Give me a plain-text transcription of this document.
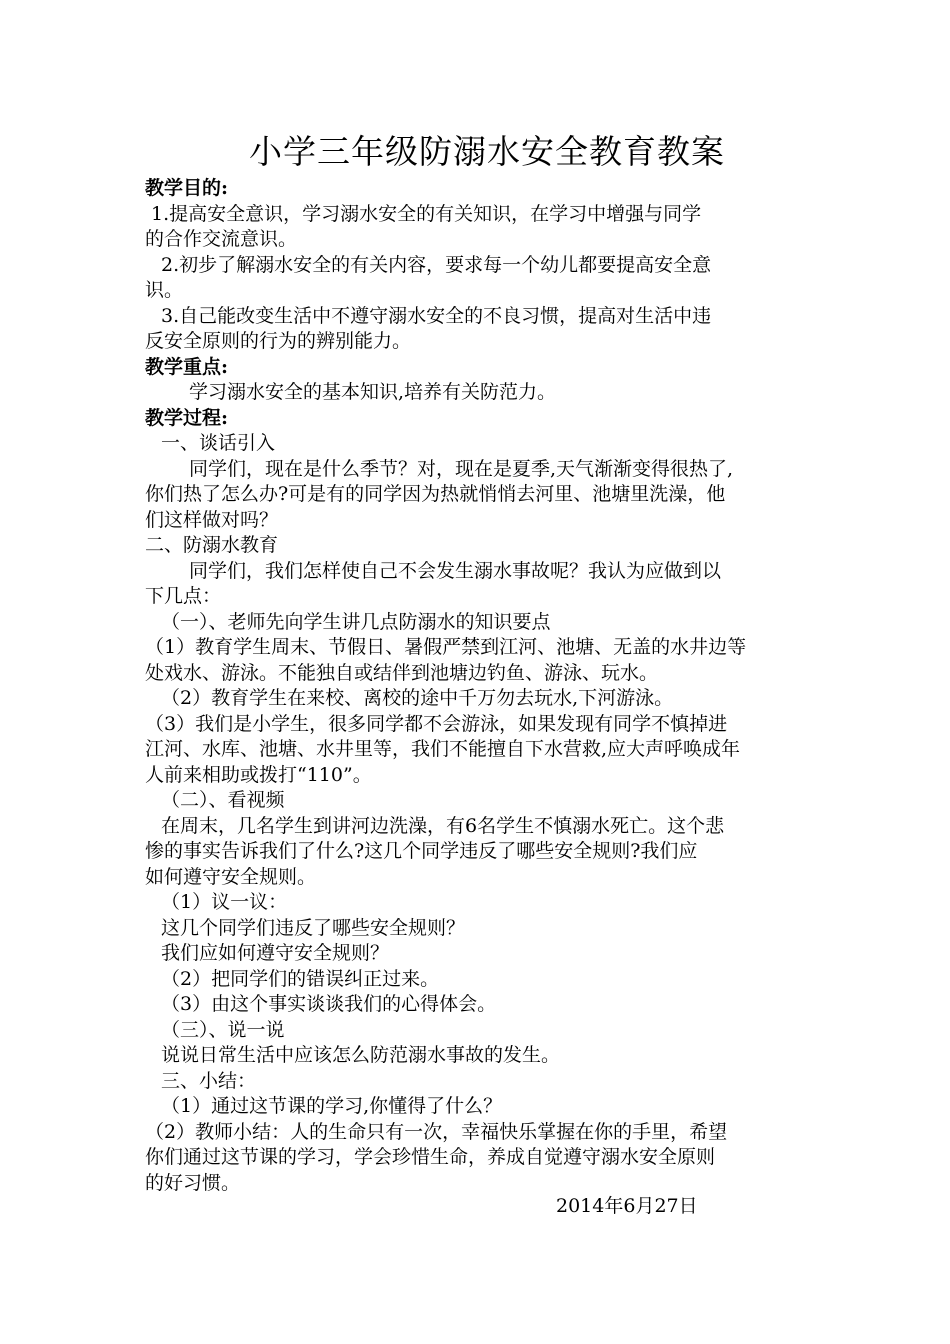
小学三年级防溺水安全教育教案
教学目的:
1.提高安全意识，学习溺水安全的有关知识，在学习中增强与同学
的合作交流意识。
2.初步了解溺水安全的有关内容，要求每一个幼儿都要提高安全意
识。
3.自己能改变生活中不遵守溺水安全的不良习惯，提高对生活中违
反安全原则的行为的辨别能力。
教学重点:
学习溺水安全的基本知识,培养有关防范力。
教学过程:
一、谈话引入
同学们，现在是什么季节？对，现在是夏季,天气渐渐变得很热了,
你们热了怎么办?可是有的同学因为热就悄悄去河里、池塘里洗澡，他
们这样做对吗？
二、防溺水教育
同学们，我们怎样使自己不会发生溺水事故呢？我认为应做到以
下几点：
（一）、老师先向学生讲几点防溺水的知识要点
（1）教育学生周末、节假日、暑假严禁到江河、池塘、无盖的水井边等
处戏水、游泳。不能独自或结伴到池塘边钓鱼、游泳、玩水。
（2）教育学生在来校、离校的途中千万勿去玩水,下河游泳。
（3）我们是小学生，很多同学都不会游泳，如果发现有同学不慎掉进
江河、水库、池塘、水井里等，我们不能擅自下水营救,应大声呼唤成年
人前来相助或拨打“110”。
（二）、看视频
在周末，几名学生到讲河边洗澡，有6名学生不慎溺水死亡。这个悲
惨的事实告诉我们了什么?这几个同学违反了哪些安全规则?我们应
如何遵守安全规则。
（1）议一议：
这几个同学们违反了哪些安全规则？
我们应如何遵守安全规则？
（2）把同学们的错误纠正过来。
（3）由这个事实谈谈我们的心得体会。
（三）、说一说
说说日常生活中应该怎么防范溺水事故的发生。
三、小结：
（1）通过这节课的学习,你懂得了什么？
（2）教师小结：人的生命只有一次，幸福快乐掌握在你的手里，希望
你们通过这节课的学习，学会珍惜生命，养成自觉遵守溺水安全原则
的好习惯。
2014年6月27日
